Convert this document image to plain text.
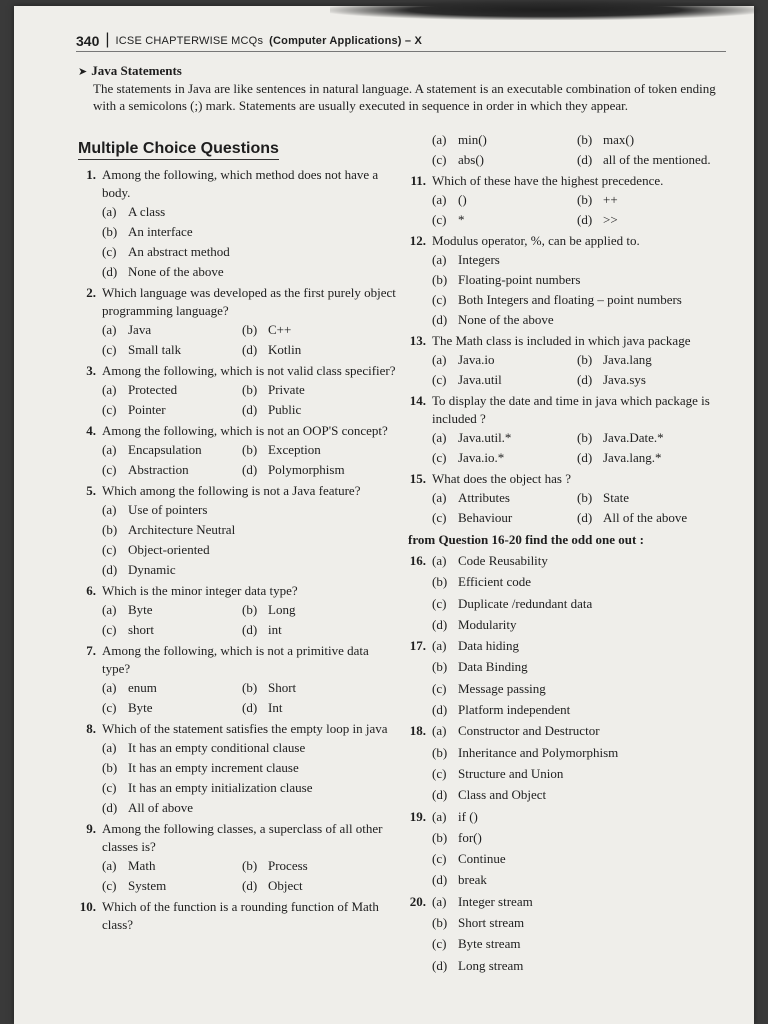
340 | ICSE CHAPTERWISE MCQs (Computer Applications) – X
➤ Java Statements
The statements in Java are like sentences in natural language. A statement is an executable combination of token ending with a semicolons (;) mark. Statements are usually executed in sequence in order in which they appear.
Multiple Choice Questions
1. Among the following, which method does not have a body.
(a) A class
(b) An interface
(c) An abstract method
(d) None of the above
2. Which language was developed as the first purely object programming language?
(a) Java	(b) C++
(c) Small talk	(d) Kotlin
3. Among the following, which is not valid class specifier?
(a) Protected	(b) Private
(c) Pointer	(d) Public
4. Among the following, which is not an OOP'S concept?
(a) Encapsulation	(b) Exception
(c) Abstraction	(d) Polymorphism
5. Which among the following is not a Java feature?
(a) Use of pointers
(b) Architecture Neutral
(c) Object-oriented
(d) Dynamic
6. Which is the minor integer data type?
(a) Byte	(b) Long
(c) short	(d) int
7. Among the following, which is not a primitive data type?
(a) enum	(b) Short
(c) Byte	(d) Int
8. Which of the statement satisfies the empty loop in java
(a) It has an empty conditional clause
(b) It has an empty increment clause
(c) It has an empty initialization clause
(d) All of above
9. Among the following classes, a superclass of all other classes is?
(a) Math	(b) Process
(c) System	(d) Object
10. Which of the function is a rounding function of Math class?
(a) min()	(b) max()
(c) abs()	(d) all of the mentioned.
11. Which of these have the highest precedence.
(a) ()	(b) ++
(c) *	(d) >>
12. Modulus operator, %, can be applied to.
(a) Integers
(b) Floating-point numbers
(c) Both Integers and floating – point numbers
(d) None of the above
13. The Math class is included in which java package
(a) Java.io	(b) Java.lang
(c) Java.util	(d) Java.sys
14. To display the date and time in java which package is included ?
(a) Java.util.*	(b) Java.Date.*
(c) Java.io.*	(d) Java.lang.*
15. What does the object has ?
(a) Attributes	(b) State
(c) Behaviour	(d) All of the above
from Question 16-20 find the odd one out :
16. (a) Code Reusability
(b) Efficient code
(c) Duplicate /redundant data
(d) Modularity
17. (a) Data hiding
(b) Data Binding
(c) Message passing
(d) Platform independent
18. (a) Constructor and Destructor
(b) Inheritance and Polymorphism
(c) Structure and Union
(d) Class and Object
19. (a) if ()
(b) for()
(c) Continue
(d) break
20. (a) Integer stream
(b) Short stream
(c) Byte stream
(d) Long stream
